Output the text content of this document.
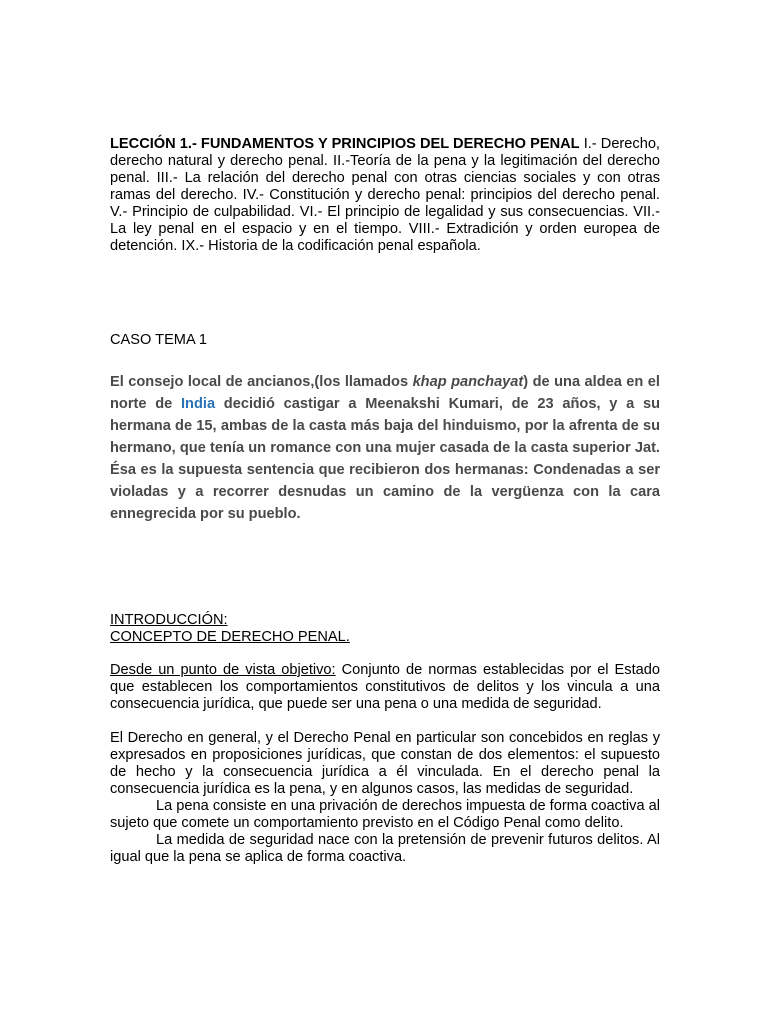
LECCIÓN 1.- FUNDAMENTOS Y PRINCIPIOS DEL DERECHO PENAL I.- Derecho, derecho natural y derecho penal. II.-Teoría de la pena y la legitimación del derecho penal. III.- La relación del derecho penal con otras ciencias sociales y con otras ramas del derecho. IV.- Constitución y derecho penal: principios del derecho penal. V.- Principio de culpabilidad. VI.- El principio de legalidad y sus consecuencias. VII.- La ley penal en el espacio y en el tiempo. VIII.- Extradición y orden europea de detención. IX.- Historia de la codificación penal española.

CASO TEMA 1

El consejo local de ancianos,(los llamados khap panchayat) de una aldea en el norte de India decidió castigar a Meenakshi Kumari, de 23 años, y a su hermana de 15, ambas de la casta más baja del hinduismo, por la afrenta de su hermano, que tenía un romance con una mujer casada de la casta superior Jat. Ésa es la supuesta sentencia que recibieron dos hermanas: Condenadas a ser violadas y a recorrer desnudas un camino de la vergüenza con la cara ennegrecida por su pueblo.

INTRODUCCIÓN:

CONCEPTO DE DERECHO PENAL.

Desde un punto de vista objetivo: Conjunto de normas establecidas por el Estado que establecen los comportamientos constitutivos de delitos y los vincula a una consecuencia jurídica, que puede ser una pena o una medida de seguridad.

El Derecho en general, y el Derecho Penal en particular son concebidos en reglas y expresados en proposiciones jurídicas, que constan de dos elementos: el supuesto de hecho y la consecuencia jurídica a él vinculada. En el derecho penal la consecuencia jurídica es la pena, y en algunos casos, las medidas de seguridad.

La pena consiste en una privación de derechos impuesta de forma coactiva al sujeto que comete un comportamiento previsto en el Código Penal como delito.

La medida de seguridad nace con la pretensión de prevenir futuros delitos. Al igual que la pena se aplica de forma coactiva.
